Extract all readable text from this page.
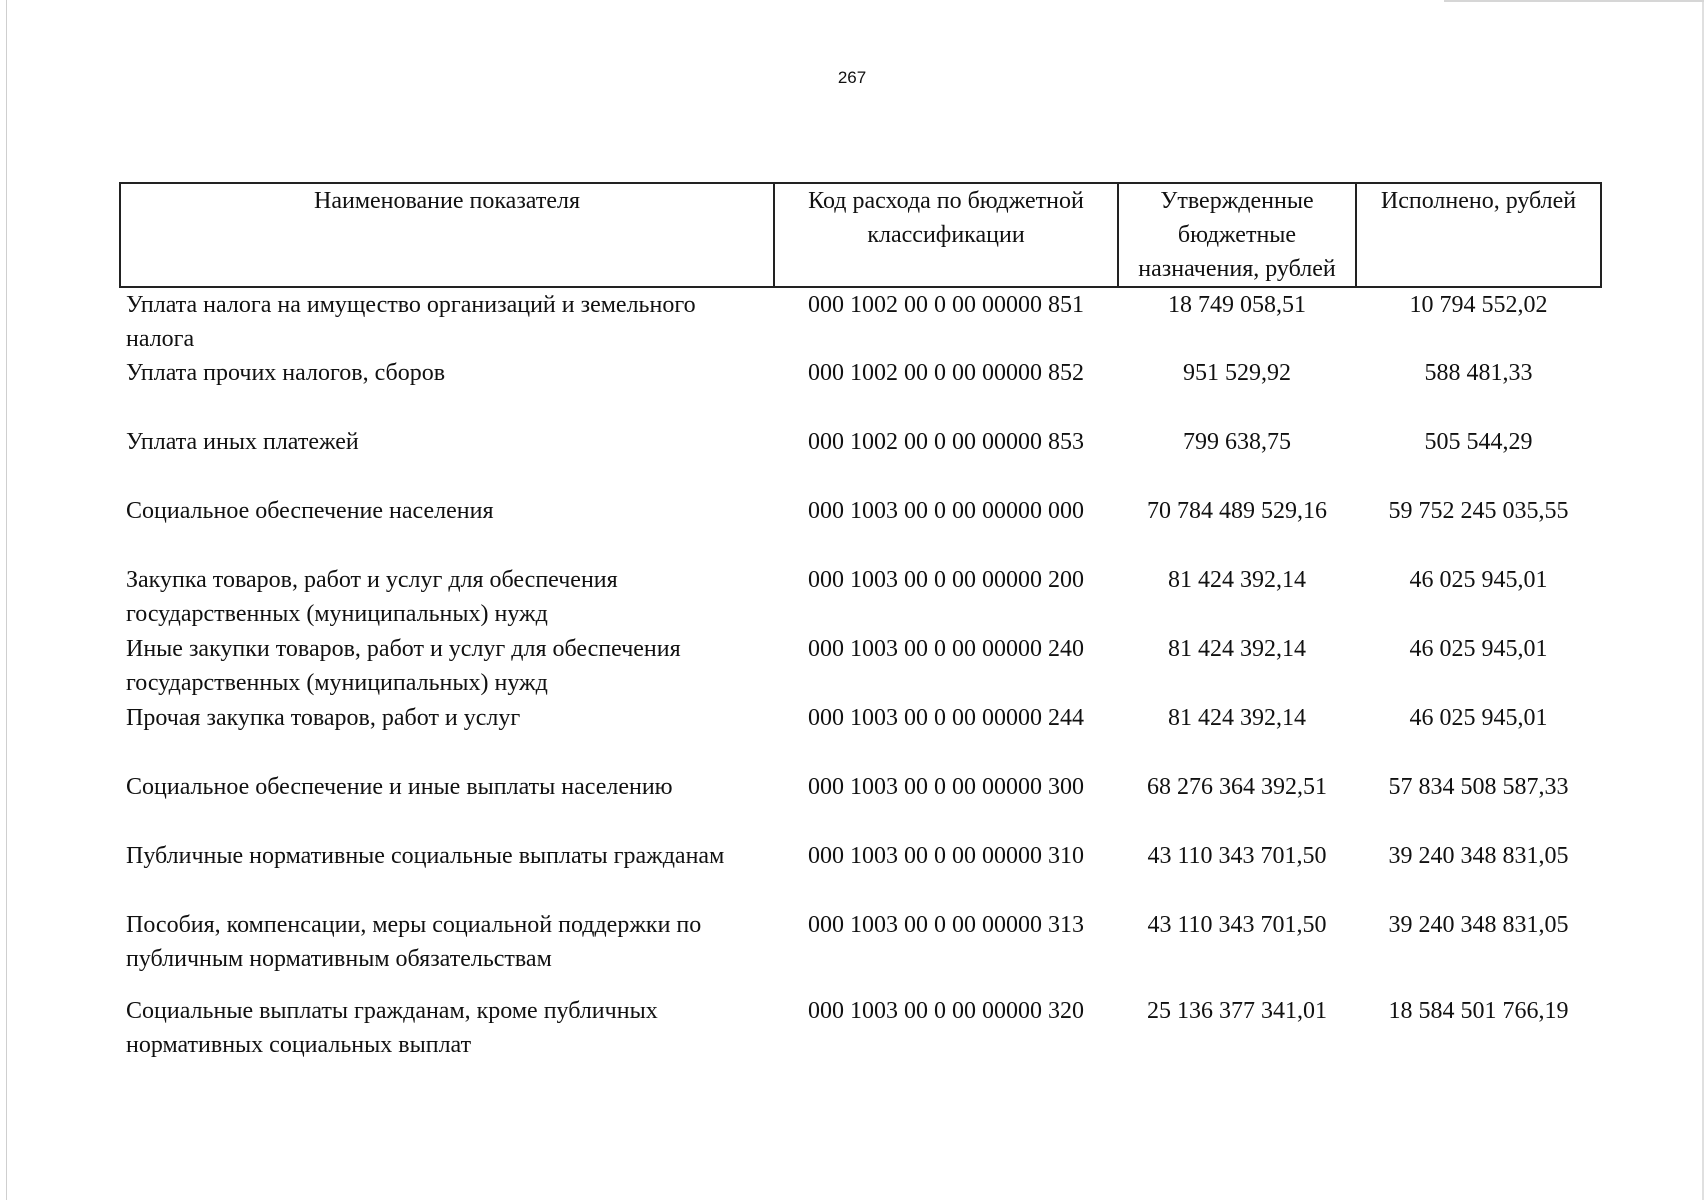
267
Наименование показателя	Код расхода по бюджетной классификации	Утвержденные бюджетные назначения, рублей	Исполнено, рублей
Уплата налога на имущество организаций и земельного налога	000 1002 00 0 00 00000 851	18 749 058,51	10 794 552,02
Уплата прочих налогов, сборов	000 1002 00 0 00 00000 852	951 529,92	588 481,33
Уплата иных платежей	000 1002 00 0 00 00000 853	799 638,75	505 544,29
Социальное обеспечение населения	000 1003 00 0 00 00000 000	70 784 489 529,16	59 752 245 035,55
Закупка товаров, работ и услуг для обеспечения государственных (муниципальных) нужд	000 1003 00 0 00 00000 200	81 424 392,14	46 025 945,01
Иные закупки товаров, работ и услуг для обеспечения государственных (муниципальных) нужд	000 1003 00 0 00 00000 240	81 424 392,14	46 025 945,01
Прочая закупка товаров, работ и услуг	000 1003 00 0 00 00000 244	81 424 392,14	46 025 945,01
Социальное обеспечение и иные выплаты населению	000 1003 00 0 00 00000 300	68 276 364 392,51	57 834 508 587,33
Публичные нормативные социальные выплаты гражданам	000 1003 00 0 00 00000 310	43 110 343 701,50	39 240 348 831,05
Пособия, компенсации, меры социальной поддержки по публичным нормативным обязательствам	000 1003 00 0 00 00000 313	43 110 343 701,50	39 240 348 831,05
Социальные выплаты гражданам, кроме публичных нормативных социальных выплат	000 1003 00 0 00 00000 320	25 136 377 341,01	18 584 501 766,19
